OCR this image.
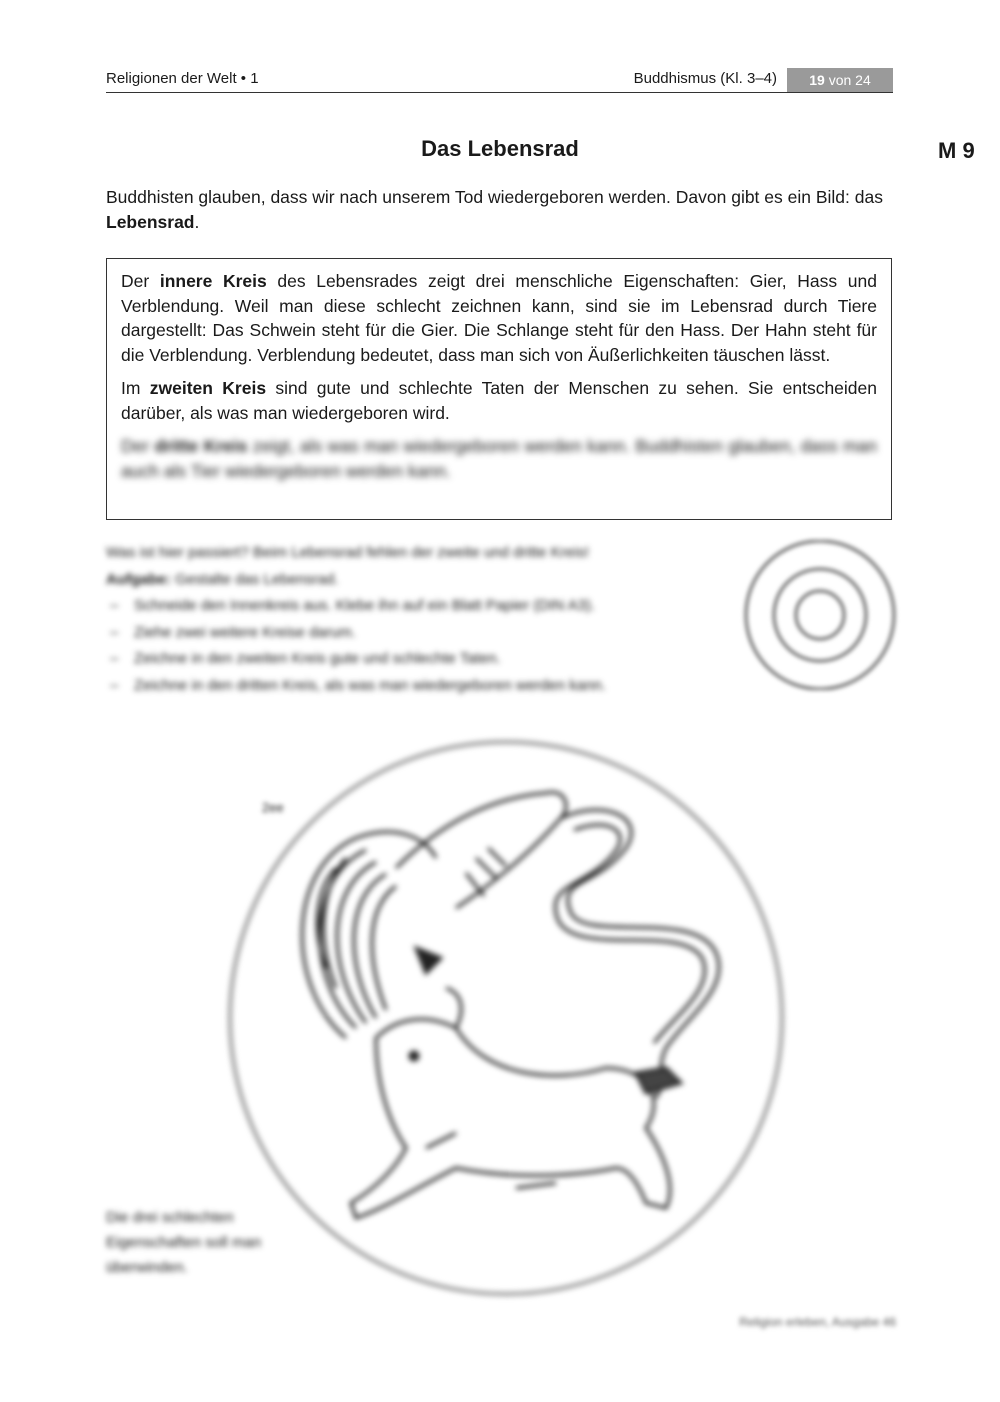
Religionen der Welt • 1	Buddhismus (Kl. 3–4)	19 von 24
Das Lebensrad	M 9
Buddhisten glauben, dass wir nach unserem Tod wiedergeboren werden. Davon gibt es ein Bild: das Lebensrad.

Der innere Kreis des Lebensrades zeigt drei menschliche Eigenschaften: Gier, Hass und Verblendung. Weil man diese schlecht zeichnen kann, sind sie im Lebensrad durch Tiere dargestellt: Das Schwein steht für die Gier. Die Schlange steht für den Hass. Der Hahn steht für die Verblendung. Verblendung bedeutet, dass man sich von Äußerlichkeiten täuschen lässt.

Im zweiten Kreis sind gute und schlechte Taten der Menschen zu sehen. Sie entscheiden darüber, als was man wiedergeboren wird.

Der dritte Kreis zeigt, als was man wiedergeboren werden kann. Buddhisten glauben, dass man auch als Tier wiedergeboren werden kann.

Was ist hier passiert? Beim Lebensrad fehlen der zweite und dritte Kreis!
Aufgabe: Gestalte das Lebensrad.
– Schneide den Innenkreis aus. Klebe ihn auf ein Blatt Papier (DIN A3).
– Ziehe zwei weitere Kreise darum.
– Zeichne in den zweiten Kreis gute und schlechte Taten.
– Zeichne in den dritten Kreis, als was man wiedergeboren werden kann.
2ee
Die drei schlechten Eigenschaften soll man überwinden.
Religion erleben, Ausgabe 46
